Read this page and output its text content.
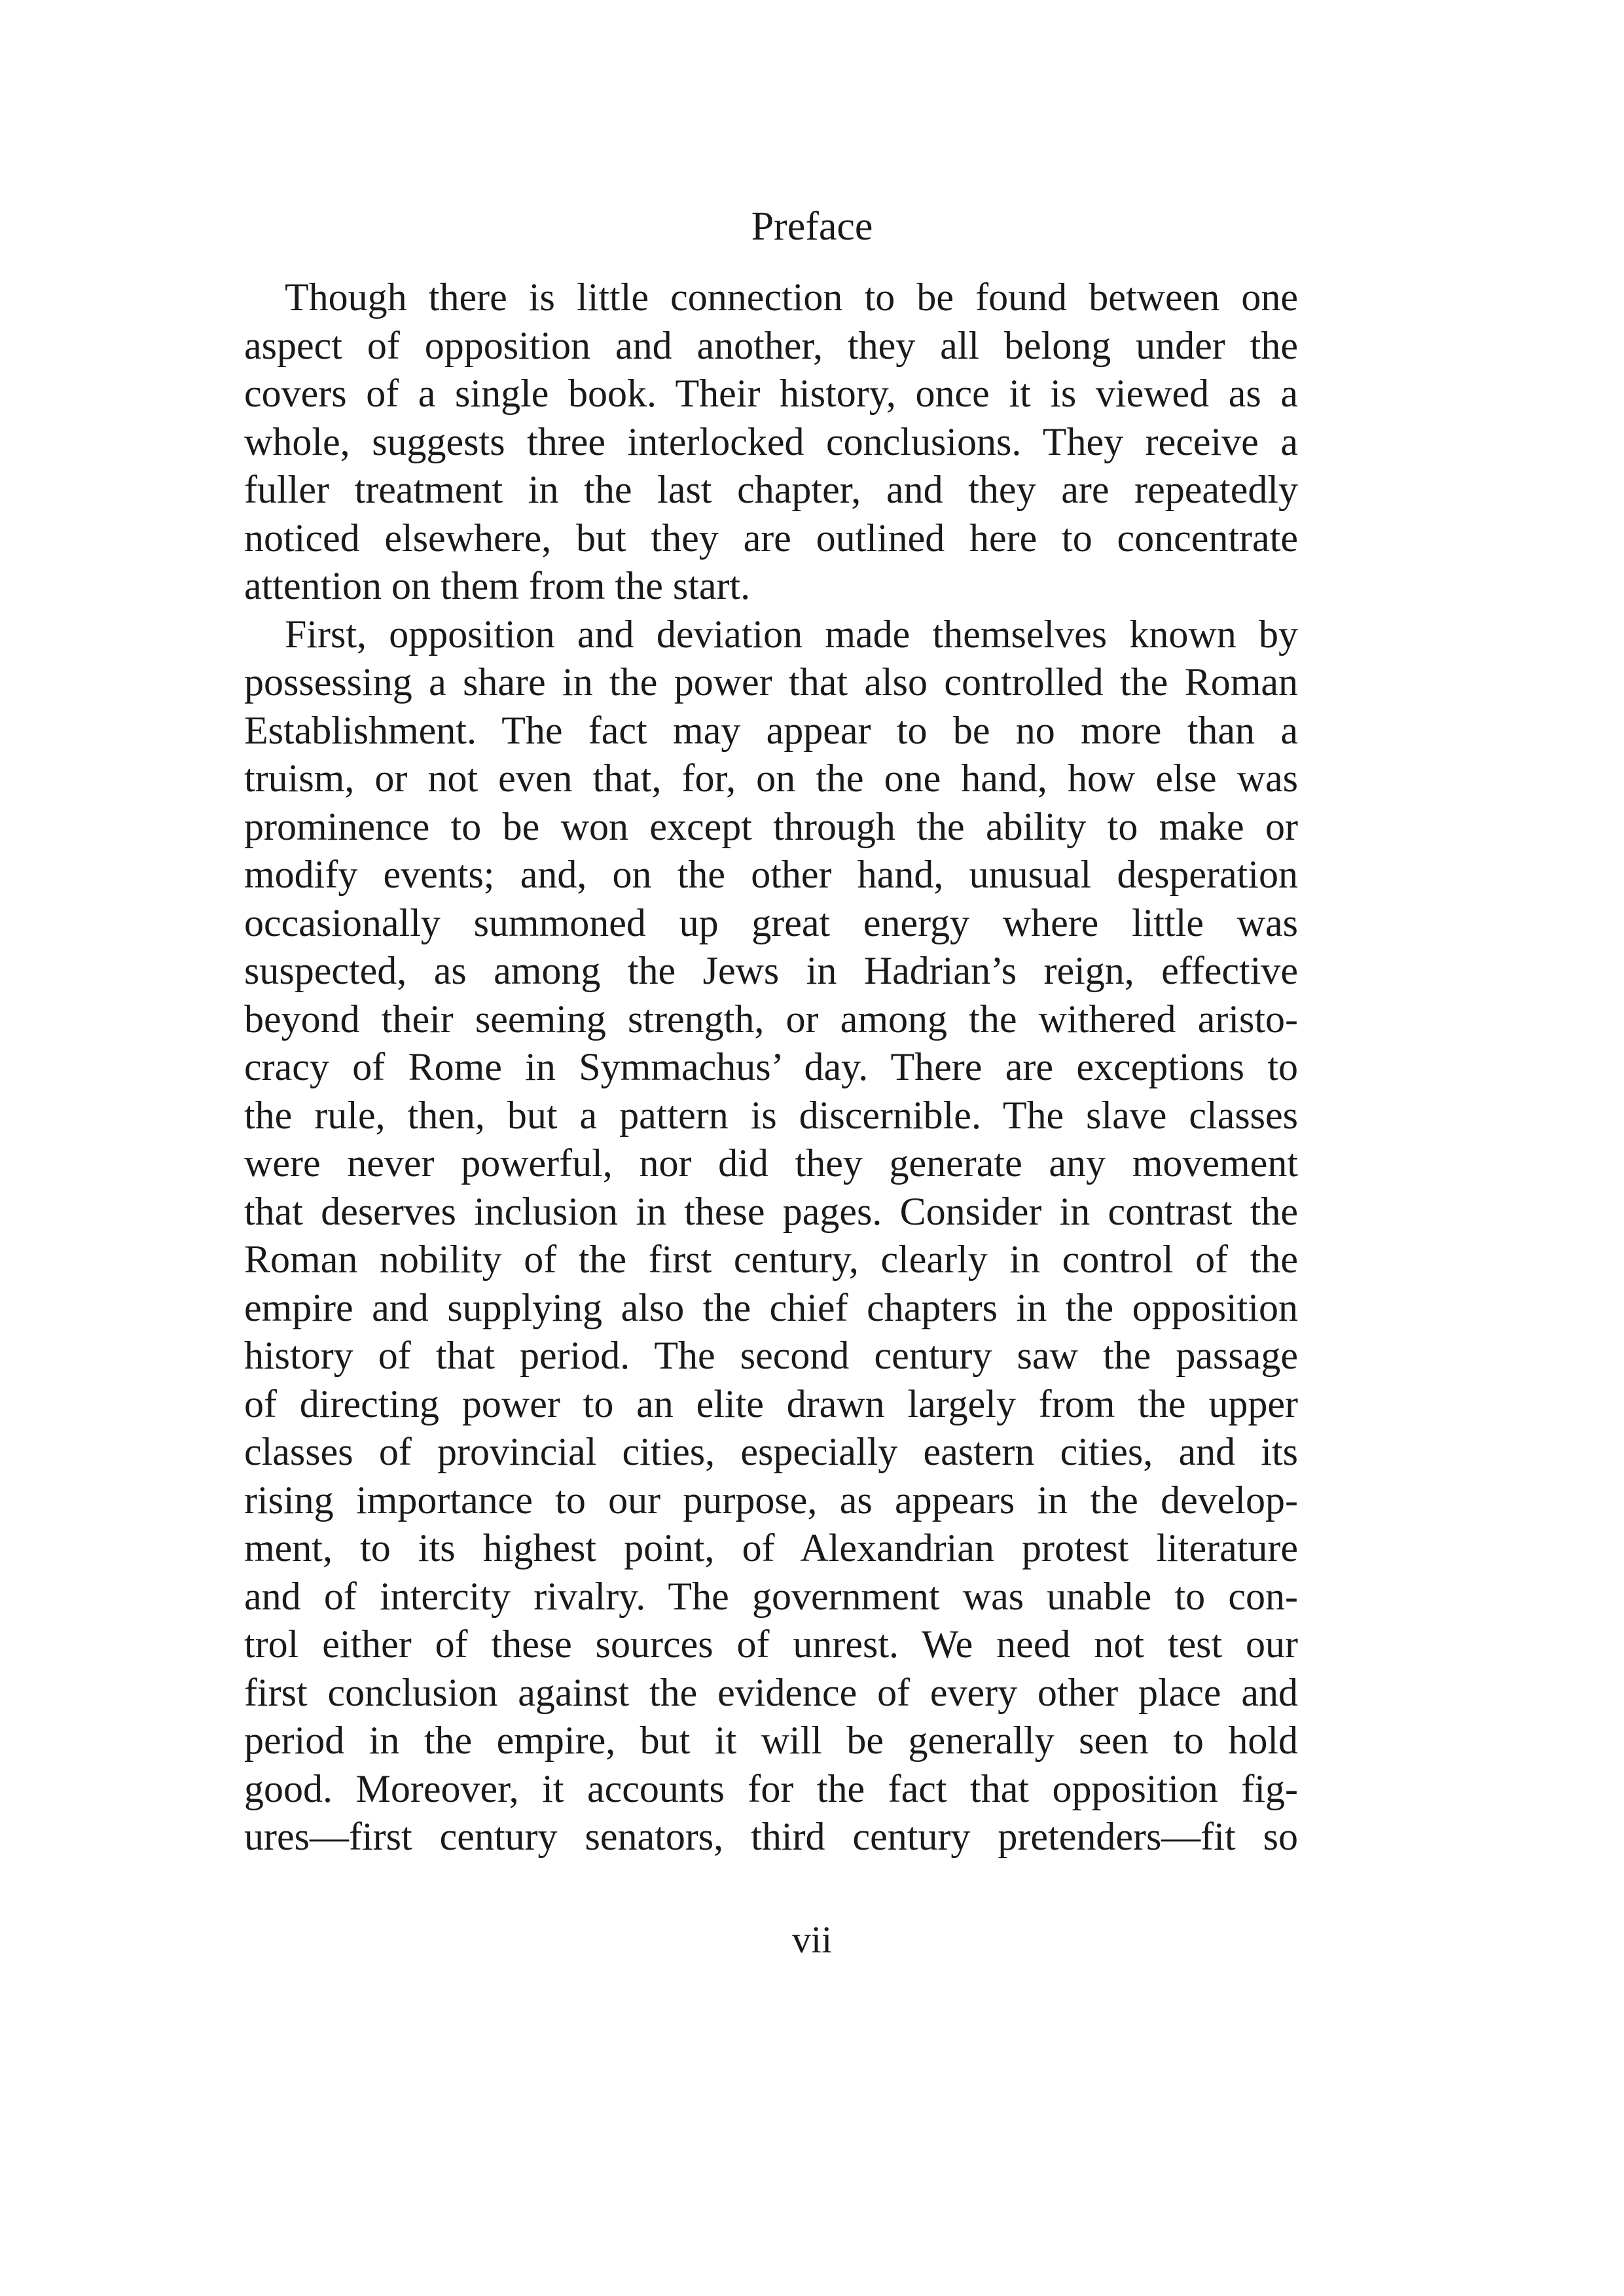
Preface
Though there is little connection to be found between one
aspect of opposition and another, they all belong under the
covers of a single book. Their history, once it is viewed as a
whole, suggests three interlocked conclusions. They receive a
fuller treatment in the last chapter, and they are repeatedly
noticed elsewhere, but they are outlined here to concentrate
attention on them from the start.
First, opposition and deviation made themselves known by
possessing a share in the power that also controlled the Roman
Establishment. The fact may appear to be no more than a
truism, or not even that, for, on the one hand, how else was
prominence to be won except through the ability to make or
modify events; and, on the other hand, unusual desperation
occasionally summoned up great energy where little was
suspected, as among the Jews in Hadrian’s reign, effective
beyond their seeming strength, or among the withered aristo-
cracy of Rome in Symmachus’ day. There are exceptions to
the rule, then, but a pattern is discernible. The slave classes
were never powerful, nor did they generate any movement
that deserves inclusion in these pages. Consider in contrast the
Roman nobility of the first century, clearly in control of the
empire and supplying also the chief chapters in the opposition
history of that period. The second century saw the passage
of directing power to an elite drawn largely from the upper
classes of provincial cities, especially eastern cities, and its
rising importance to our purpose, as appears in the develop-
ment, to its highest point, of Alexandrian protest literature
and of intercity rivalry. The government was unable to con-
trol either of these sources of unrest. We need not test our
first conclusion against the evidence of every other place and
period in the empire, but it will be generally seen to hold
good. Moreover, it accounts for the fact that opposition fig-
ures—first century senators, third century pretenders—fit so
vii
